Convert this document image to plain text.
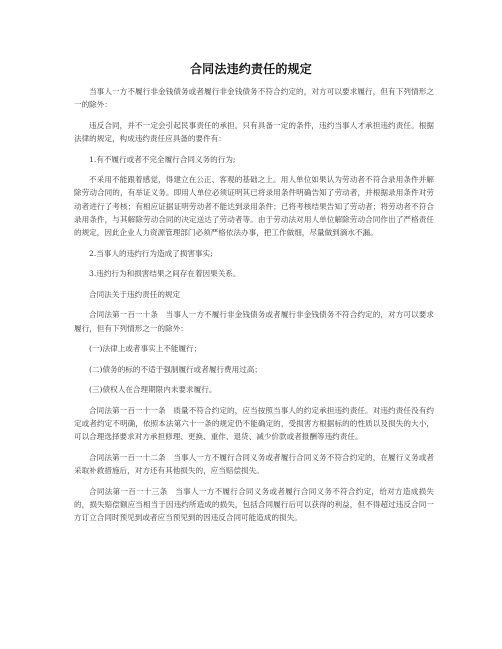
合同法违约责任的规定

当事人一方不履行非金钱债务或者履行非金钱债务不符合约定的，对方可以要求履行，但有下列情形之一的除外：

违反合同，并不一定会引起民事责任的承担。只有具备一定的条件，违约当事人才承担违约责任。根据法律的规定，构成违约责任应具备的要件有：

1.有不履行或者不完全履行合同义务的行为;

不采用不能跟着感觉，得建立在公正、客观的基础之上。用人单位如果认为劳动者不符合录用条件并解除劳动合同的，有举证义务。即用人单位必须证明其已将录用条件明确告知了劳动者，并根据录用条件对劳动者进行了考核；有相应证据证明劳动者不能达到录用条件；已将考核结果告知了劳动者；将劳动者不符合录用条件，与其解除劳动合同的决定送达了劳动者等。由于劳动法对用人单位解除劳动合同作出了严格责任的规定，因此企业人力资源管理部门必须严格依法办事，把工作做细，尽量做到滴水不漏。

2.当事人的违约行为造成了损害事实;

3.违约行为和损害结果之间存在着因果关系。

合同法关于违约责任的规定

合同法第一百一十条　当事人一方不履行非金钱债务或者履行非金钱债务不符合约定的，对方可以要求履行，但有下列情形之一的除外：

(一)法律上或者事实上不能履行；

(二)债务的标的不适于强制履行或者履行费用过高；

(三)债权人在合理期限内未要求履行。

合同法第一百一十一条　质量不符合约定的，应当按照当事人的约定承担违约责任。对违约责任没有约定或者约定不明确，依照本法第六十一条的规定仍不能确定的，受损害方根据标的的性质以及损失的大小，可以合理选择要求对方承担修理、更换、重作、退货、减少价款或者报酬等违约责任。

合同法第一百一十二条　当事人一方不履行合同义务或者履行合同义务不符合约定的，在履行义务或者采取补救措施后，对方还有其他损失的，应当赔偿损失。

合同法第一百一十三条　当事人一方不履行合同义务或者履行合同义务不符合约定，给对方造成损失的，损失赔偿额应当相当于因违约所造成的损失，包括合同履行后可以获得的利益，但不得超过违反合同一方订立合同时预见到或者应当预见到的因违反合同可能造成的损失。
